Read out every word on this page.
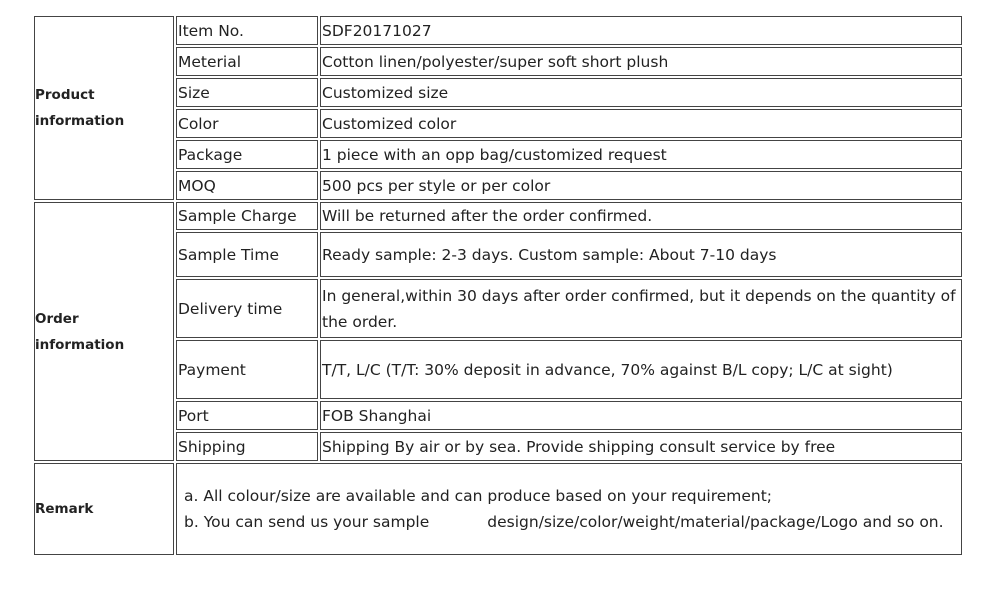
Product information	Item No.	SDF20171027
	Meterial	Cotton linen/polyester/super soft short plush
	Size	Customized size
	Color	Customized color
	Package	1 piece with an opp bag/customized request
	MOQ	500 pcs per style or per color
Order information	Sample Charge	Will be returned after the order confirmed.
	Sample Time	Ready sample: 2-3 days. Custom sample: About 7-10 days
	Delivery time	In general,within 30 days after order confirmed, but it depends on the quantity of the order.
	Payment	T/T, L/C (T/T: 30% deposit in advance, 70% against B/L copy; L/C at sight)
	Port	FOB Shanghai
	Shipping	Shipping By air or by sea. Provide shipping consult service by free
Remark	a. All colour/size are available and can produce based on your requirement;
b. You can send us your sample design/size/color/weight/material/package/Logo and so on.	
